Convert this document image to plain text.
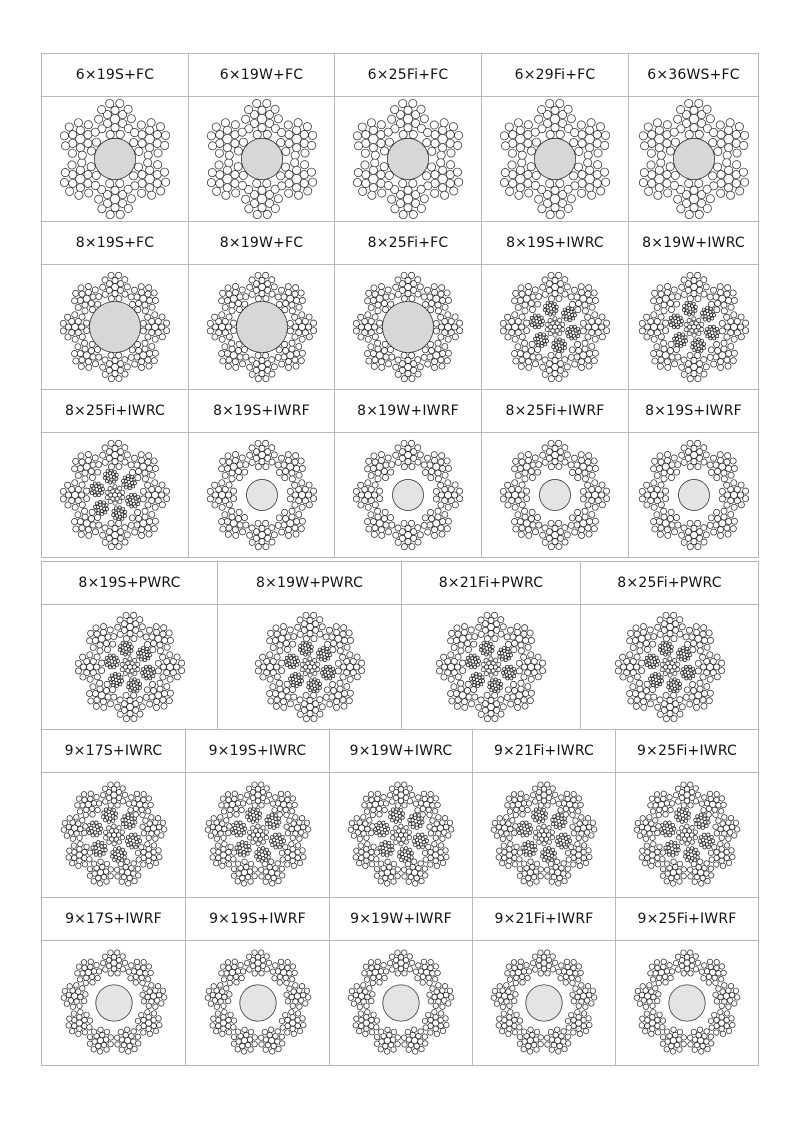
6×19S+FC	6×19W+FC	6×25Fi+FC	6×29Fi+FC	6×36WS+FC

8×19S+FC	8×19W+FC	8×25Fi+FC	8×19S+IWRC	8×19W+IWRC

8×25Fi+IWRC	8×19S+IWRF	8×19W+IWRF	8×25Fi+IWRF	8×19S+IWRF

8×19S+PWRC	8×19W+PWRC	8×21Fi+PWRC	8×25Fi+PWRC

9×17S+IWRC	9×19S+IWRC	9×19W+IWRC	9×21Fi+IWRC	9×25Fi+IWRC

9×17S+IWRF	9×19S+IWRF	9×19W+IWRF	9×21Fi+IWRF	9×25Fi+IWRF
